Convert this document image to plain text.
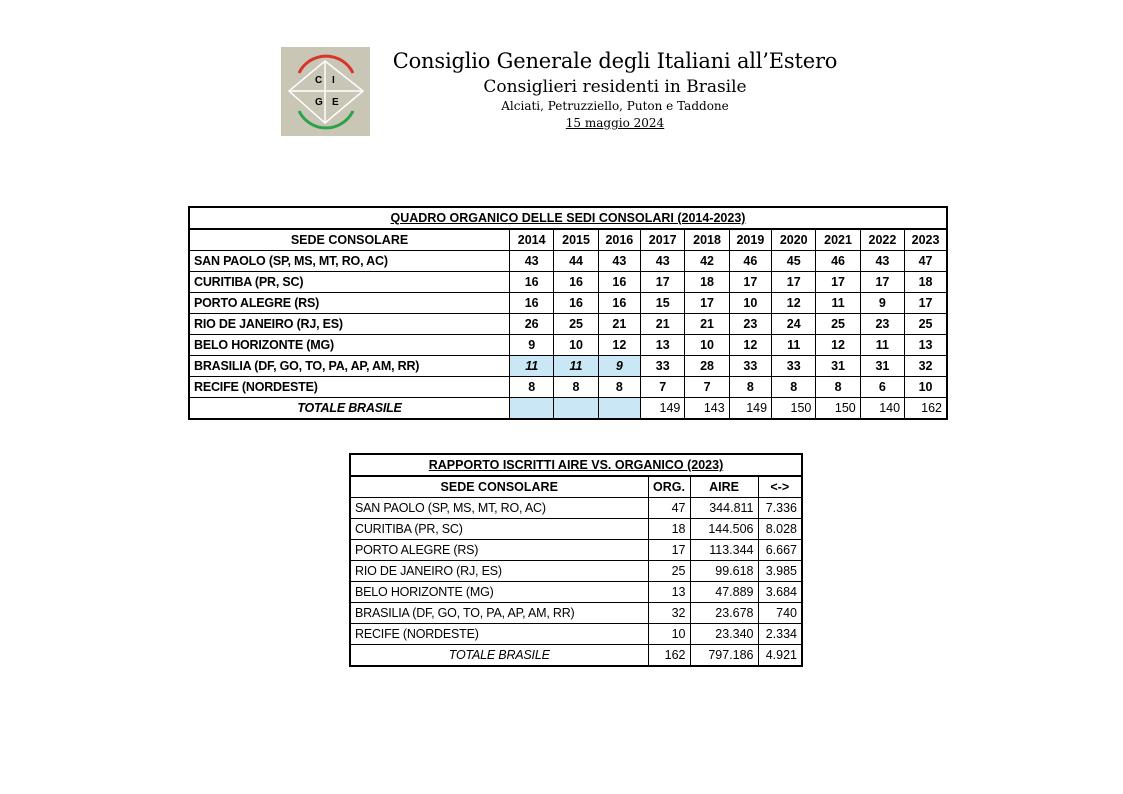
C I
G E
Consiglio Generale degli Italiani all’Estero
Consiglieri residenti in Brasile
Alciati, Petruzziello, Puton e Taddone
15 maggio 2024
QUADRO ORGANICO DELLE SEDI CONSOLARI (2014-2023)										
SEDE CONSOLARE	2014	2015	2016	2017	2018	2019	2020	2021	2022	2023
SAN PAOLO (SP, MS, MT, RO, AC)	43	44	43	43	42	46	45	46	43	47
CURITIBA (PR, SC)	16	16	16	17	18	17	17	17	17	18
PORTO ALEGRE (RS)	16	16	16	15	17	10	12	11	9	17
RIO DE JANEIRO (RJ, ES)	26	25	21	21	21	23	24	25	23	25
BELO HORIZONTE (MG)	9	10	12	13	10	12	11	12	11	13
BRASILIA (DF, GO, TO, PA, AP, AM, RR)	11	11	9	33	28	33	33	31	31	32
RECIFE (NORDESTE)	8	8	8	7	7	8	8	8	6	10
TOTALE BRASILE				149	143	149	150	150	140	162
RAPPORTO ISCRITTI AIRE VS. ORGANICO (2023)			
SEDE CONSOLARE	ORG.	AIRE	<->
SAN PAOLO (SP, MS, MT, RO, AC)	47	344.811	7.336
CURITIBA (PR, SC)	18	144.506	8.028
PORTO ALEGRE (RS)	17	113.344	6.667
RIO DE JANEIRO (RJ, ES)	25	99.618	3.985
BELO HORIZONTE (MG)	13	47.889	3.684
BRASILIA (DF, GO, TO, PA, AP, AM, RR)	32	23.678	740
RECIFE (NORDESTE)	10	23.340	2.334
TOTALE BRASILE	162	797.186	4.921
